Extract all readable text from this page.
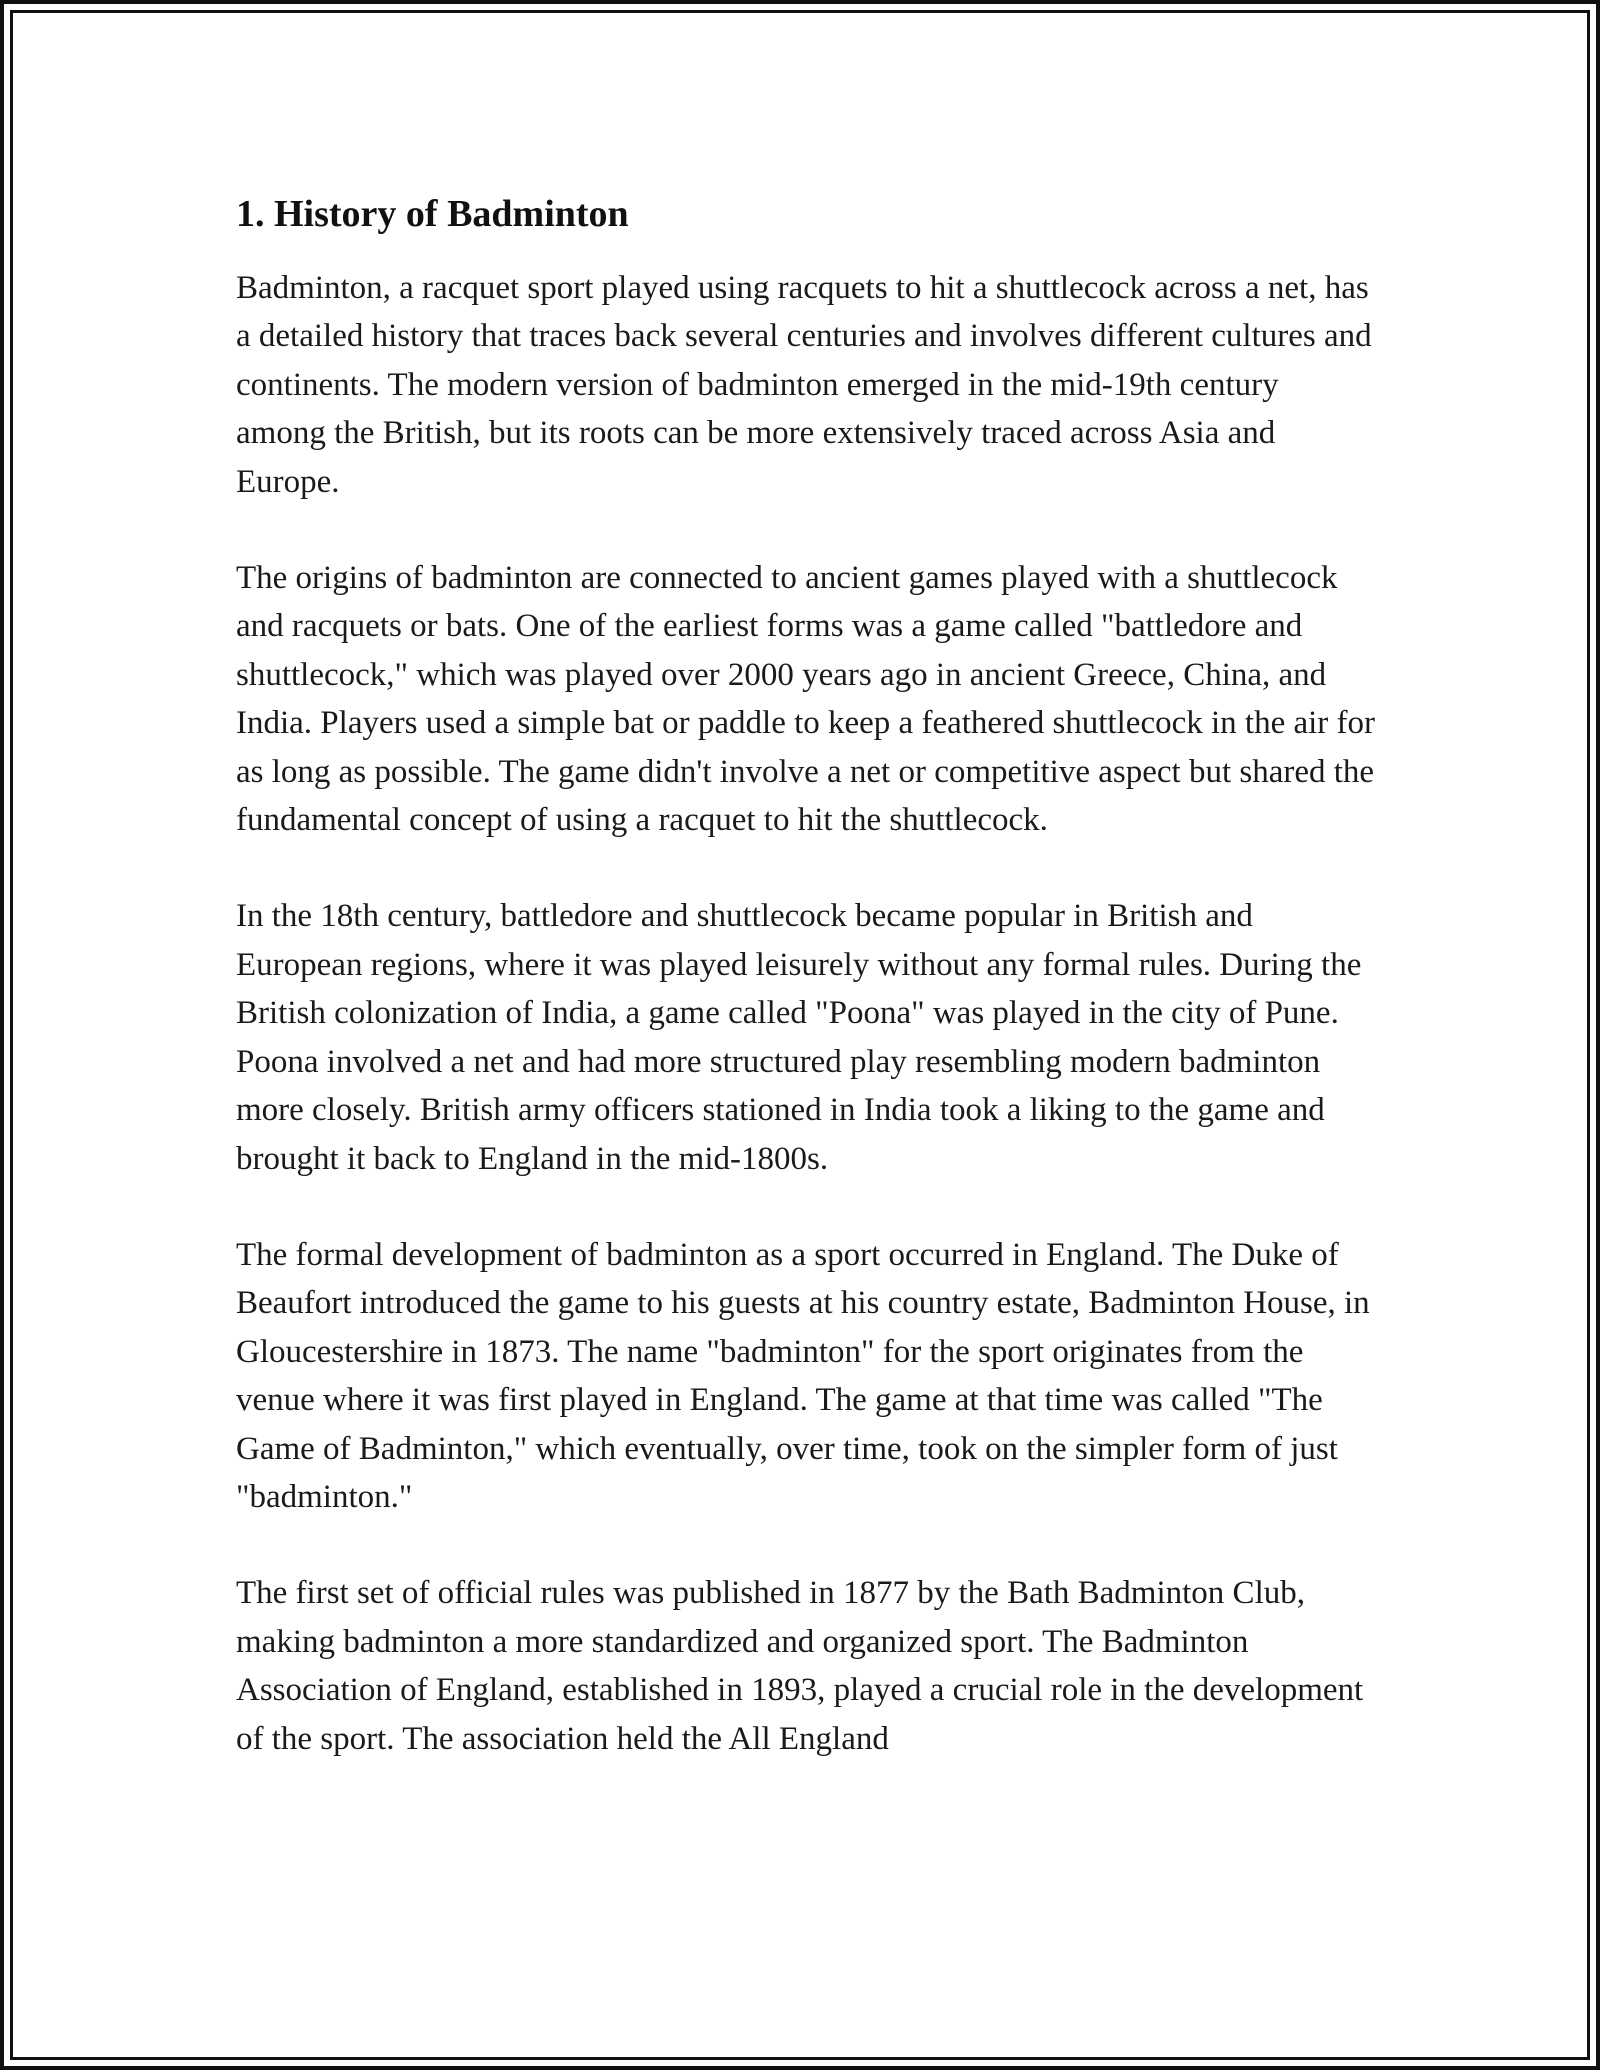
1. History of Badminton

Badminton, a racquet sport played using racquets to hit a shuttlecock across a net, has a detailed history that traces back several centuries and involves different cultures and continents. The modern version of badminton emerged in the mid-19th century among the British, but its roots can be more extensively traced across Asia and Europe.

The origins of badminton are connected to ancient games played with a shuttlecock and racquets or bats. One of the earliest forms was a game called "battledore and shuttlecock," which was played over 2000 years ago in ancient Greece, China, and India. Players used a simple bat or paddle to keep a feathered shuttlecock in the air for as long as possible. The game didn't involve a net or competitive aspect but shared the fundamental concept of using a racquet to hit the shuttlecock.

In the 18th century, battledore and shuttlecock became popular in British and European regions, where it was played leisurely without any formal rules. During the British colonization of India, a game called "Poona" was played in the city of Pune. Poona involved a net and had more structured play resembling modern badminton more closely. British army officers stationed in India took a liking to the game and brought it back to England in the mid-1800s.

The formal development of badminton as a sport occurred in England. The Duke of Beaufort introduced the game to his guests at his country estate, Badminton House, in Gloucestershire in 1873. The name "badminton" for the sport originates from the venue where it was first played in England. The game at that time was called "The Game of Badminton," which eventually, over time, took on the simpler form of just "badminton."

The first set of official rules was published in 1877 by the Bath Badminton Club, making badminton a more standardized and organized sport. The Badminton Association of England, established in 1893, played a crucial role in the development of the sport. The association held the All England
